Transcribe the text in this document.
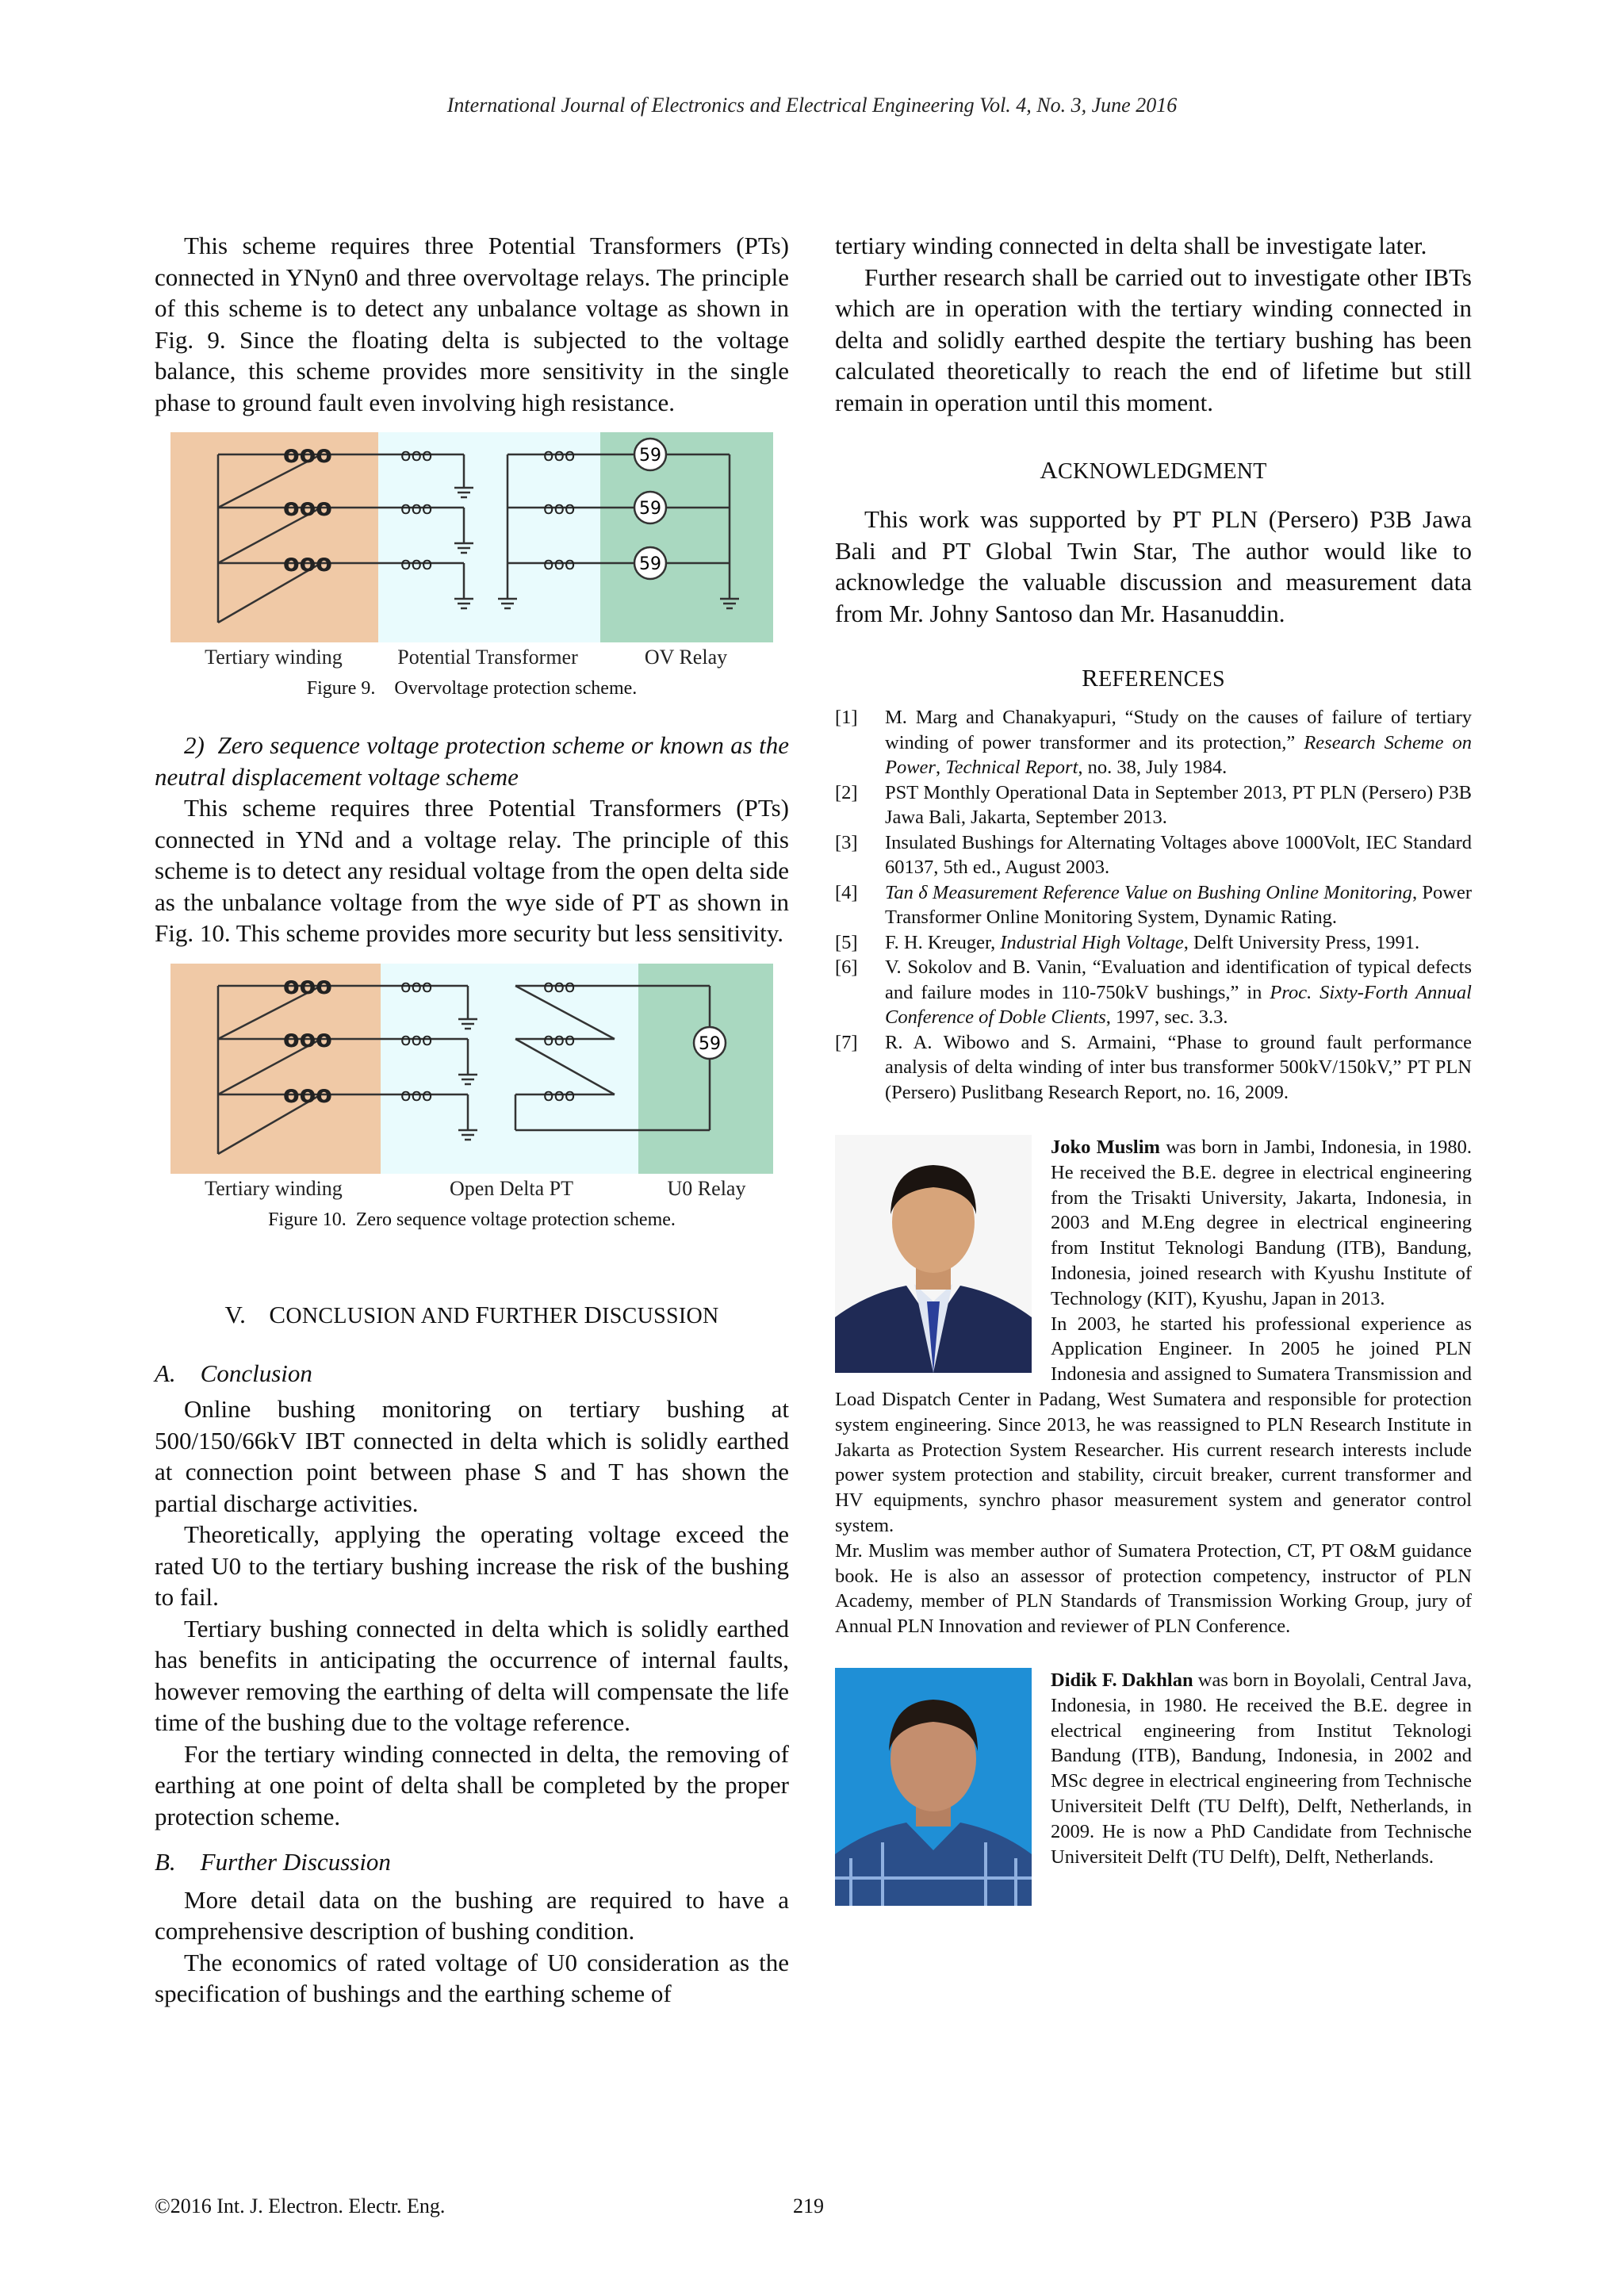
International Journal of Electronics and Electrical Engineering Vol. 4, No. 3, June 2016

This scheme requires three Potential Transformers (PTs) connected in YNyn0 and three overvoltage relays. The principle of this scheme is to detect any unbalance voltage as shown in Fig. 9. Since the floating delta is subjected to the voltage balance, this scheme provides more sensitivity in the single phase to ground fault even involving high resistance.

ooo
ooo
ooo
ooo
ooo
ooo
ooo
ooo
ooo
59
59
59
Tertiary winding	Potential Transformer	OV Relay

Figure 9.    Overvoltage protection scheme.

2)  Zero sequence voltage protection scheme or known as the neutral displacement voltage scheme

This scheme requires three Potential Transformers (PTs) connected in YNd and a voltage relay. The principle of this scheme is to detect any residual voltage from the open delta side as the unbalance voltage from the wye side of PT as shown in Fig. 10. This scheme provides more security but less sensitivity.

ooo
ooo
ooo
ooo
ooo
ooo
ooo
ooo
ooo
59
Tertiary winding	Open Delta PT	U0 Relay

Figure 10.  Zero sequence voltage protection scheme.

V. CONCLUSION AND FURTHER DISCUSSION

A.    Conclusion

Online bushing monitoring on tertiary bushing at 500/150/66kV IBT connected in delta which is solidly earthed at connection point between phase S and T has shown the partial discharge activities.

Theoretically, applying the operating voltage exceed the rated U0 to the tertiary bushing increase the risk of the bushing to fail.

Tertiary bushing connected in delta which is solidly earthed has benefits in anticipating the occurrence of internal faults, however removing the earthing of delta will compensate the life time of the bushing due to the voltage reference.

For the tertiary winding connected in delta, the removing of earthing at one point of delta shall be completed by the proper protection scheme.

B.    Further Discussion

More detail data on the bushing are required to have a comprehensive description of bushing condition.

The economics of rated voltage of U0 consideration as the specification of bushings and the earthing scheme of

tertiary winding connected in delta shall be investigate later.

Further research shall be carried out to investigate other IBTs which are in operation with the tertiary winding connected in delta and solidly earthed despite the tertiary bushing has been calculated theoretically to reach the end of lifetime but still remain in operation until this moment.

ACKNOWLEDGMENT

This work was supported by PT PLN (Persero) P3B Jawa Bali and PT Global Twin Star, The author would like to acknowledge the valuable discussion and measurement data from Mr. Johny Santoso dan Mr. Hasanuddin.

REFERENCES

[1] M. Marg and Chanakyapuri, “Study on the causes of failure of tertiary winding of power transformer and its protection,” Research Scheme on Power, Technical Report, no. 38, July 1984.
[2] PST Monthly Operational Data in September 2013, PT PLN (Persero) P3B Jawa Bali, Jakarta, September 2013.
[3] Insulated Bushings for Alternating Voltages above 1000Volt, IEC Standard 60137, 5th ed., August 2003.
[4] Tan δ Measurement Reference Value on Bushing Online Monitoring, Power Transformer Online Monitoring System, Dynamic Rating.
[5] F. H. Kreuger, Industrial High Voltage, Delft University Press, 1991.
[6] V. Sokolov and B. Vanin, “Evaluation and identification of typical defects and failure modes in 110-750kV bushings,” in Proc. Sixty-Forth Annual Conference of Doble Clients, 1997, sec. 3.3.
[7] R. A. Wibowo and S. Armaini, “Phase to ground fault performance analysis of delta winding of inter bus transformer 500kV/150kV,” PT PLN (Persero) Puslitbang Research Report, no. 16, 2009.

Joko Muslim was born in Jambi, Indonesia, in 1980. He received the B.E. degree in electrical engineering from the Trisakti University, Jakarta, Indonesia, in 2003 and M.Eng degree in electrical engineering from Institut Teknologi Bandung (ITB), Bandung, Indonesia, joined research with Kyushu Institute of Technology (KIT), Kyushu, Japan in 2013.

In 2003, he started his professional experience as Application Engineer. In 2005 he joined PLN Indonesia and assigned to Sumatera Transmission and Load Dispatch Center in Padang, West Sumatera and responsible for protection system engineering. Since 2013, he was reassigned to PLN Research Institute in Jakarta as Protection System Researcher. His current research interests include power system protection and stability, circuit breaker, current transformer and HV equipments, synchro phasor measurement system and generator control system.

Mr. Muslim was member author of Sumatera Protection, CT, PT O&M guidance book. He is also an assessor of protection competency, instructor of PLN Academy, member of PLN Standards of Transmission Working Group, jury of Annual PLN Innovation and reviewer of PLN Conference.

Didik F. Dakhlan was born in Boyolali, Central Java, Indonesia, in 1980. He received the B.E. degree in electrical engineering from Institut Teknologi Bandung (ITB), Bandung, Indonesia, in 2002 and MSc degree in electrical engineering from Technische Universiteit Delft (TU Delft), Delft, Netherlands, in 2009. He is now a PhD Candidate from Technische Universiteit Delft (TU Delft), Delft, Netherlands.

©2016 Int. J. Electron. Electr. Eng.	219
